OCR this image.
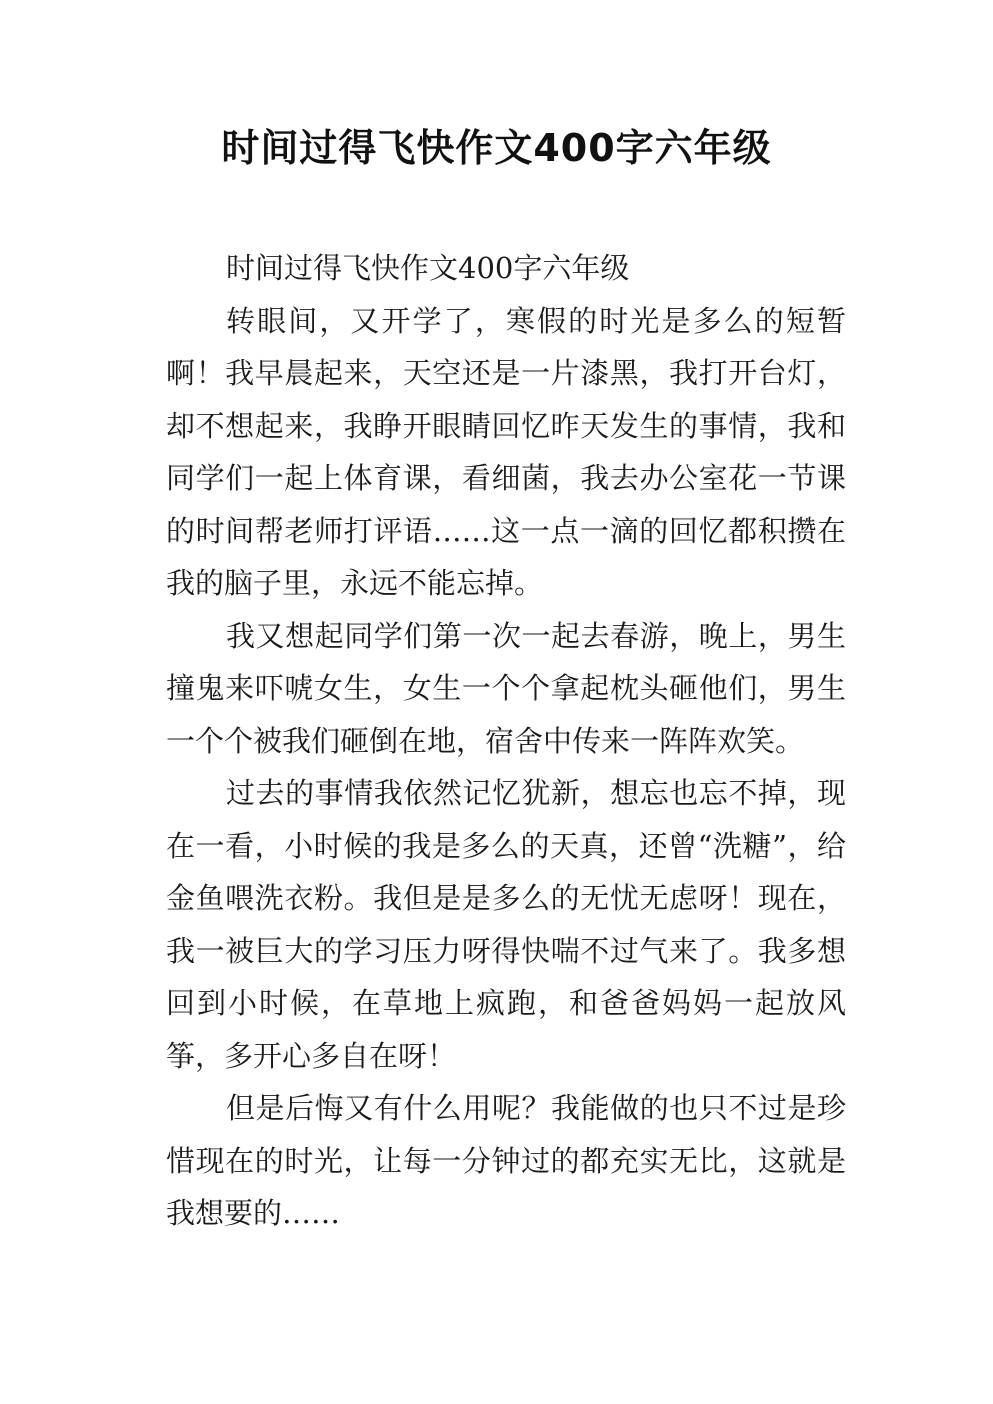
时间过得飞快作文400字六年级

时间过得飞快作文400字六年级

转眼间，又开学了，寒假的时光是多么的短暂啊！我早晨起来，天空还是一片漆黑，我打开台灯，却不想起来，我睁开眼睛回忆昨天发生的事情，我和同学们一起上体育课，看细菌，我去办公室花一节课的时间帮老师打评语……这一点一滴的回忆都积攒在我的脑子里，永远不能忘掉。

我又想起同学们第一次一起去春游，晚上，男生撞鬼来吓唬女生，女生一个个拿起枕头砸他们，男生一个个被我们砸倒在地，宿舍中传来一阵阵欢笑。

过去的事情我依然记忆犹新，想忘也忘不掉，现在一看，小时候的我是多么的天真，还曾“洗糖”，给金鱼喂洗衣粉。我但是是多么的无忧无虑呀！现在，我一被巨大的学习压力呀得快喘不过气来了。我多想回到小时候，在草地上疯跑，和爸爸妈妈一起放风筝，多开心多自在呀！

但是后悔又有什么用呢？我能做的也只不过是珍惜现在的时光，让每一分钟过的都充实无比，这就是我想要的……
